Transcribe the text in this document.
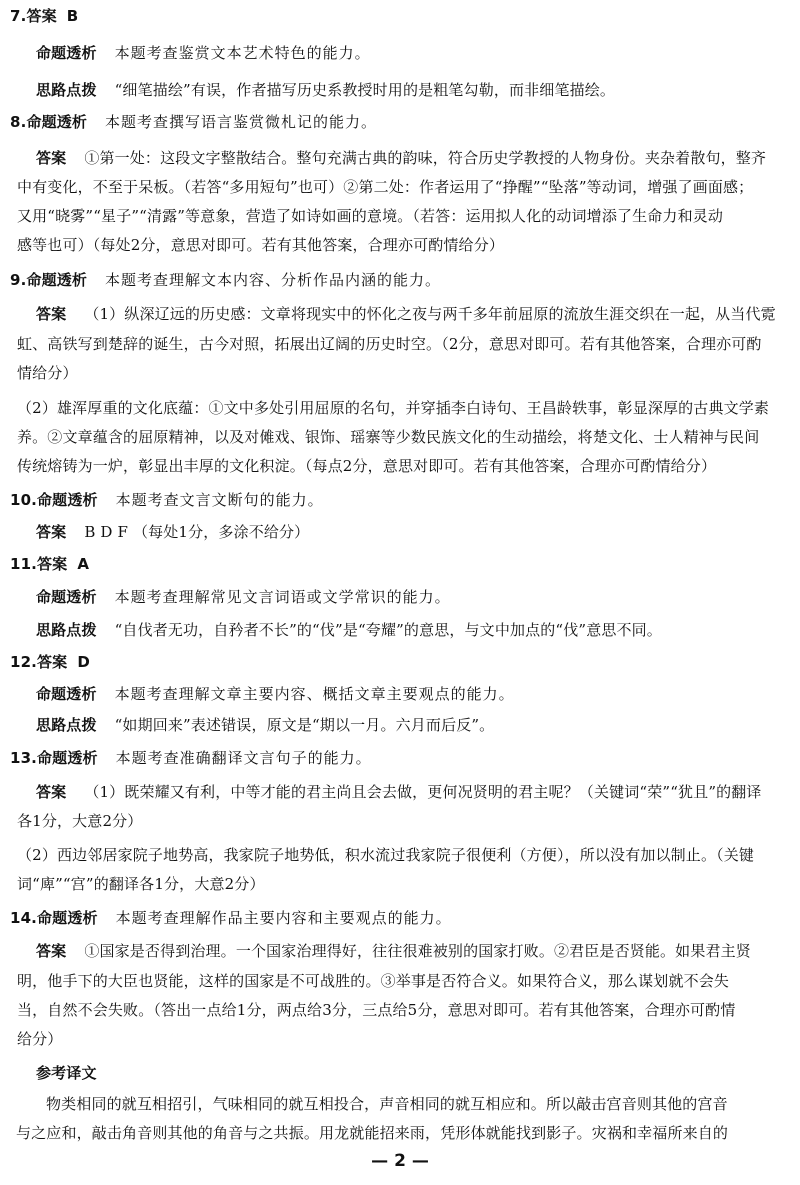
7.答案 B
命题透析 本题考查鉴赏文本艺术特色的能力。
思路点拨 “细笔描绘”有误，作者描写历史系教授时用的是粗笔勾勒，而非细笔描绘。
8.命题透析 本题考查撰写语言鉴赏微札记的能力。
答案 ①第一处：这段文字整散结合。整句充满古典的韵味，符合历史学教授的人物身份。夹杂着散句，整齐
中有变化，不至于呆板。（若答“多用短句”也可）②第二处：作者运用了“挣醒”“坠落”等动词，增强了画面感；
又用“晓雾”“星子”“清露”等意象，营造了如诗如画的意境。（若答：运用拟人化的动词增添了生命力和灵动
感等也可）（每处2分，意思对即可。若有其他答案，合理亦可酌情给分）
9.命题透析 本题考查理解文本内容、分析作品内涵的能力。
答案 （1）纵深辽远的历史感：文章将现实中的怀化之夜与两千多年前屈原的流放生涯交织在一起，从当代霓
虹、高铁写到楚辞的诞生，古今对照，拓展出辽阔的历史时空。（2分，意思对即可。若有其他答案，合理亦可酌
情给分）
（2）雄浑厚重的文化底蕴：①文中多处引用屈原的名句，并穿插李白诗句、王昌龄轶事，彰显深厚的古典文学素
养。②文章蕴含的屈原精神，以及对傩戏、银饰、瑶寨等少数民族文化的生动描绘，将楚文化、士人精神与民间
传统熔铸为一炉，彰显出丰厚的文化积淀。（每点2分，意思对即可。若有其他答案，合理亦可酌情给分）
10.命题透析 本题考查文言文断句的能力。
答案 B D F （每处1分，多涂不给分）
11.答案 A
命题透析 本题考查理解常见文言词语或文学常识的能力。
思路点拨 “自伐者无功，自矜者不长”的“伐”是“夸耀”的意思，与文中加点的“伐”意思不同。
12.答案 D
命题透析 本题考查理解文章主要内容、概括文章主要观点的能力。
思路点拨 “如期回来”表述错误，原文是“期以一月。六月而后反”。
13.命题透析 本题考查准确翻译文言句子的能力。
答案 （1）既荣耀又有利，中等才能的君主尚且会去做，更何况贤明的君主呢？（关键词“荣”“犹且”的翻译
各1分，大意2分）
（2）西边邻居家院子地势高，我家院子地势低，积水流过我家院子很便利（方便），所以没有加以制止。（关键
词“庳”“宫”的翻译各1分，大意2分）
14.命题透析 本题考查理解作品主要内容和主要观点的能力。
答案 ①国家是否得到治理。一个国家治理得好，往往很难被别的国家打败。②君臣是否贤能。如果君主贤
明，他手下的大臣也贤能，这样的国家是不可战胜的。③举事是否符合义。如果符合义，那么谋划就不会失
当，自然不会失败。（答出一点给1分，两点给3分，三点给5分，意思对即可。若有其他答案，合理亦可酌情
给分）
参考译文
物类相同的就互相招引，气味相同的就互相投合，声音相同的就互相应和。所以敲击宫音则其他的宫音
与之应和，敲击角音则其他的角音与之共振。用龙就能招来雨，凭形体就能找到影子。灾祸和幸福所来自的
— 2 —
